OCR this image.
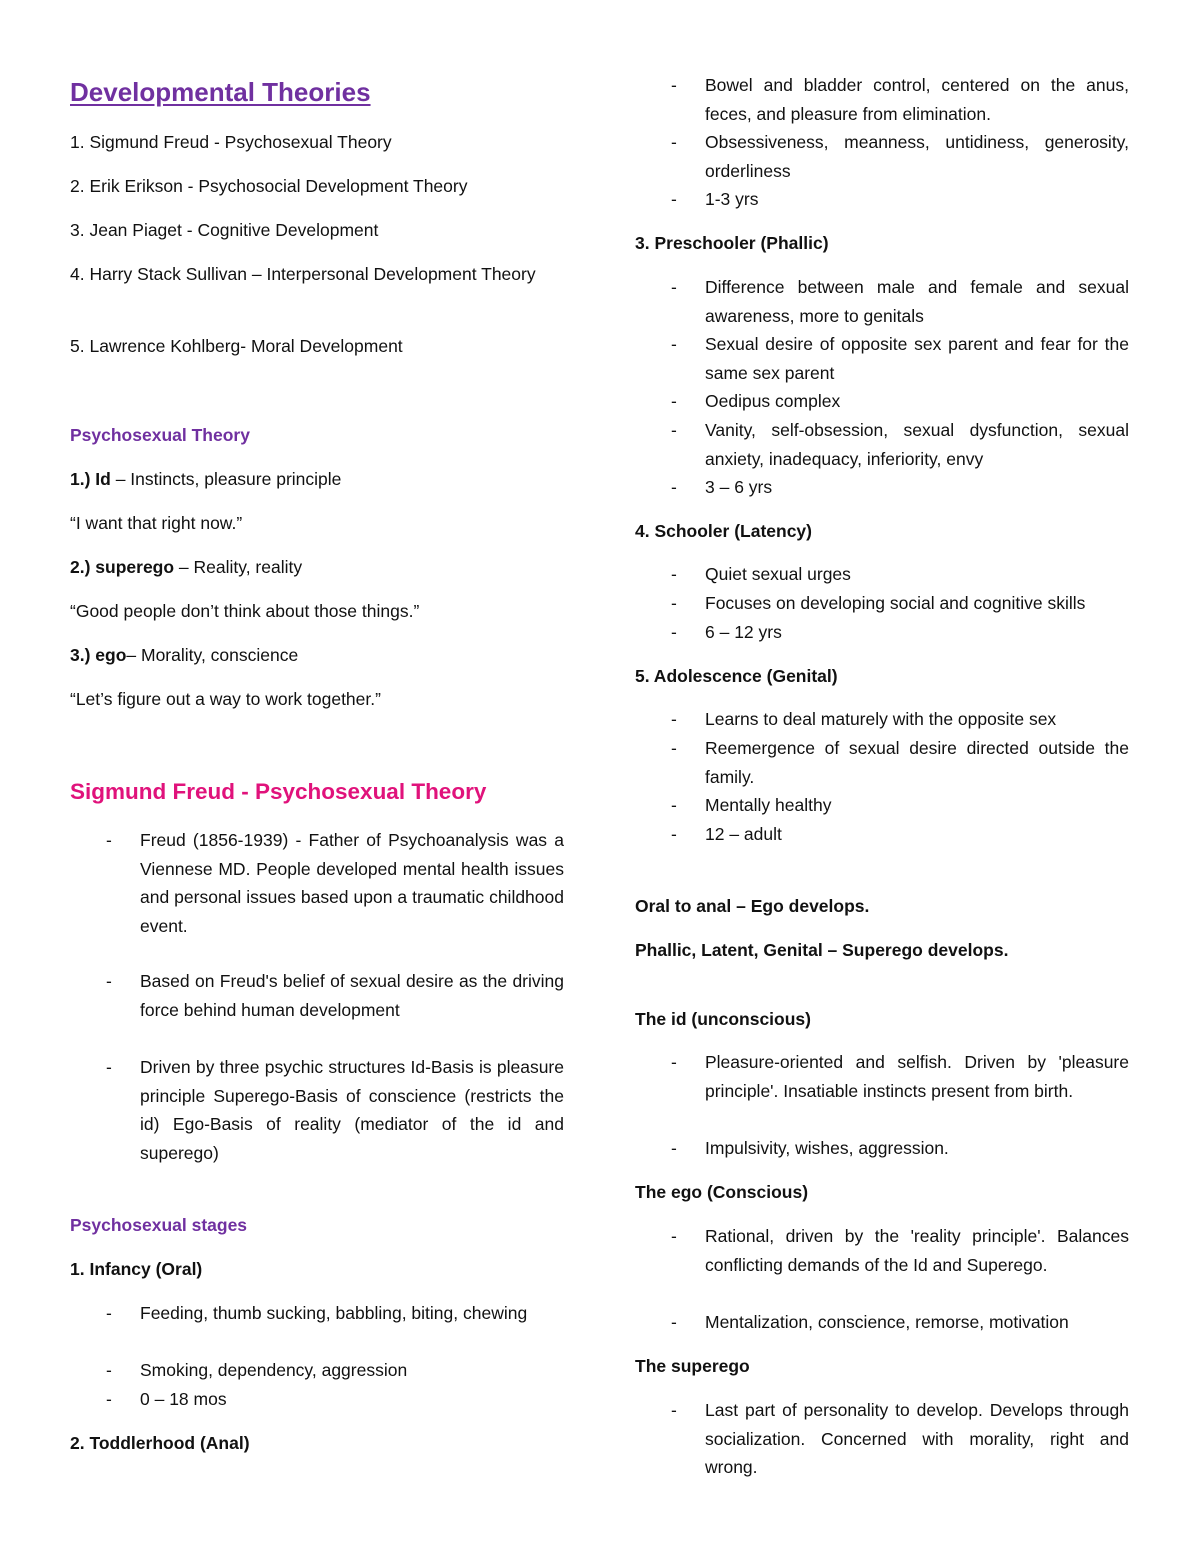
Developmental Theories
1. Sigmund Freud - Psychosexual Theory
2. Erik Erikson - Psychosocial Development Theory
3. Jean Piaget - Cognitive Development
4. Harry Stack Sullivan – Interpersonal Development Theory
5. Lawrence Kohlberg- Moral Development
Psychosexual Theory
1.) Id – Instincts, pleasure principle
“I want that right now.”
2.) superego – Reality, reality
“Good people don’t think about those things.”
3.) ego– Morality, conscience
“Let’s figure out a way to work together.”
Sigmund Freud - Psychosexual Theory
- Freud (1856-1939) - Father of Psychoanalysis was a Viennese MD. People developed mental health issues and personal issues based upon a traumatic childhood event.
- Based on Freud's belief of sexual desire as the driving force behind human development
- Driven by three psychic structures Id-Basis is pleasure principle Superego-Basis of conscience (restricts the id) Ego-Basis of reality (mediator of the id and superego)
Psychosexual stages
1. Infancy (Oral)
- Feeding, thumb sucking, babbling, biting, chewing
- Smoking, dependency, aggression
- 0 – 18 mos
2. Toddlerhood (Anal)
- Bowel and bladder control, centered on the anus, feces, and pleasure from elimination.
- Obsessiveness, meanness, untidiness, generosity, orderliness
- 1-3 yrs
3. Preschooler (Phallic)
- Difference between male and female and sexual awareness, more to genitals
- Sexual desire of opposite sex parent and fear for the same sex parent
- Oedipus complex
- Vanity, self-obsession, sexual dysfunction, sexual anxiety, inadequacy, inferiority, envy
- 3 – 6 yrs
4. Schooler (Latency)
- Quiet sexual urges
- Focuses on developing social and cognitive skills
- 6 – 12 yrs
5. Adolescence (Genital)
- Learns to deal maturely with the opposite sex
- Reemergence of sexual desire directed outside the family.
- Mentally healthy
- 12 – adult
Oral to anal – Ego develops.
Phallic, Latent, Genital – Superego develops.
The id (unconscious)
- Pleasure-oriented and selfish. Driven by 'pleasure principle'. Insatiable instincts present from birth.
- Impulsivity, wishes, aggression.
The ego (Conscious)
- Rational, driven by the 'reality principle'. Balances conflicting demands of the Id and Superego.
- Mentalization, conscience, remorse, motivation
The superego
- Last part of personality to develop. Develops through socialization. Concerned with morality, right and wrong.
